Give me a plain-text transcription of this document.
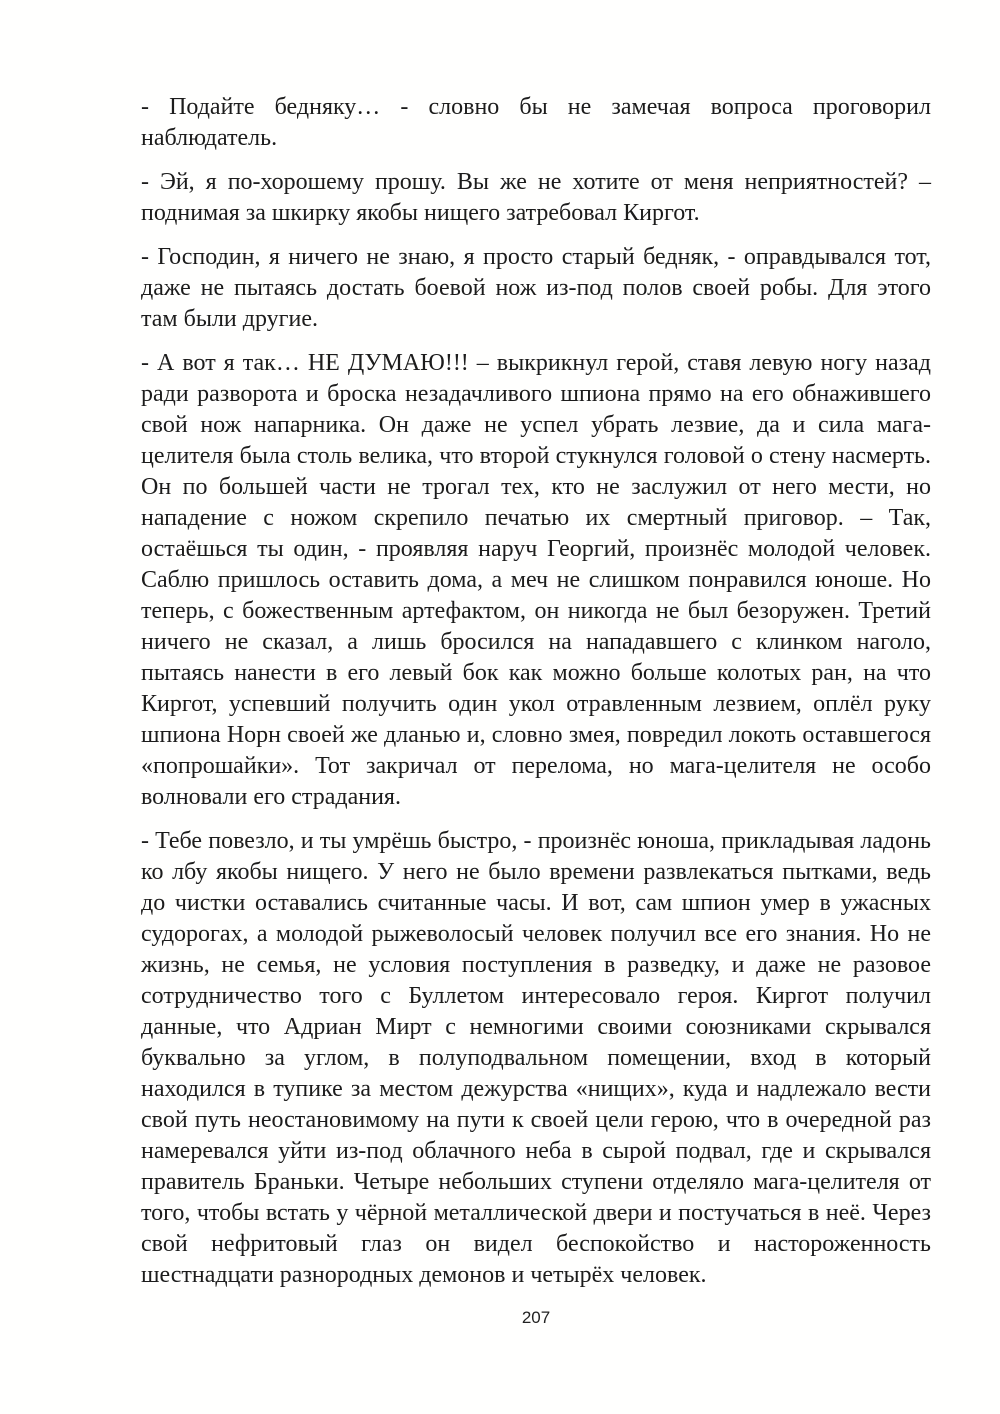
- Подайте бедняку… - словно бы не замечая вопроса проговорил наблюдатель.

- Эй, я по-хорошему прошу. Вы же не хотите от меня неприятностей? – поднимая за шкирку якобы нищего затребовал Киргот.

- Господин, я ничего не знаю, я просто старый бедняк, - оправдывался тот, даже не пытаясь достать боевой нож из-под полов своей робы. Для этого там были другие.

- А вот я так… НЕ ДУМАЮ!!! – выкрикнул герой, ставя левую ногу назад ради разворота и броска незадачливого шпиона прямо на его обнажившего свой нож напарника. Он даже не успел убрать лезвие, да и сила мага-целителя была столь велика, что второй стукнулся головой о стену насмерть. Он по большей части не трогал тех, кто не заслужил от него мести, но нападение с ножом скрепило печатью их смертный приговор. – Так, остаёшься ты один, - проявляя наруч Георгий, произнёс молодой человек. Саблю пришлось оставить дома, а меч не слишком понравился юноше. Но теперь, с божественным артефактом, он никогда не был безоружен. Третий ничего не сказал, а лишь бросился на нападавшего с клинком наголо, пытаясь нанести в его левый бок как можно больше колотых ран, на что Киргот, успевший получить один укол отравленным лезвием, оплёл руку шпиона Норн своей же дланью и, словно змея, повредил локоть оставшегося «попрошайки». Тот закричал от перелома, но мага-целителя не особо волновали его страдания.

- Тебе повезло, и ты умрёшь быстро, - произнёс юноша, прикладывая ладонь ко лбу якобы нищего. У него не было времени развлекаться пытками, ведь до чистки оставались считанные часы. И вот, сам шпион умер в ужасных судорогах, а молодой рыжеволосый человек получил все его знания. Но не жизнь, не семья, не условия поступления в разведку, и даже не разовое сотрудничество того с Буллетом интересовало героя. Киргот получил данные, что Адриан Мирт с немногими своими союзниками скрывался буквально за углом, в полуподвальном помещении, вход в который находился в тупике за местом дежурства «нищих», куда и надлежало вести свой путь неостановимому на пути к своей цели герою, что в очередной раз намеревался уйти из-под облачного неба в сырой подвал, где и скрывался правитель Браньки. Четыре небольших ступени отделяло мага-целителя от того, чтобы встать у чёрной металлической двери и постучаться в неё. Через свой нефритовый глаз он видел беспокойство и настороженность шестнадцати разнородных демонов и четырёх человек.

207
